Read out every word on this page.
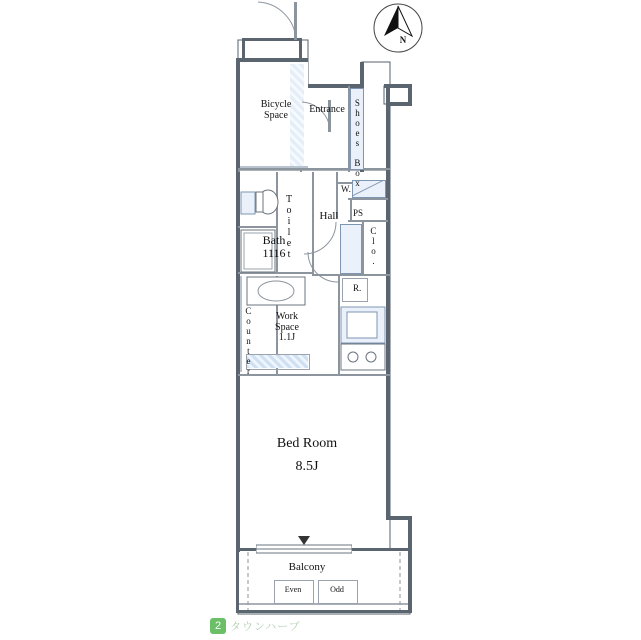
N
Bicycle
Space	Entrance Shoes Box
Toilet
Bath
1116
Hall
W.
PS
Clo.
R.
Counter	Work
Space
1.1J
Bed Room
8.5J
Balcony
Even	Odd
2 タウンハープ
